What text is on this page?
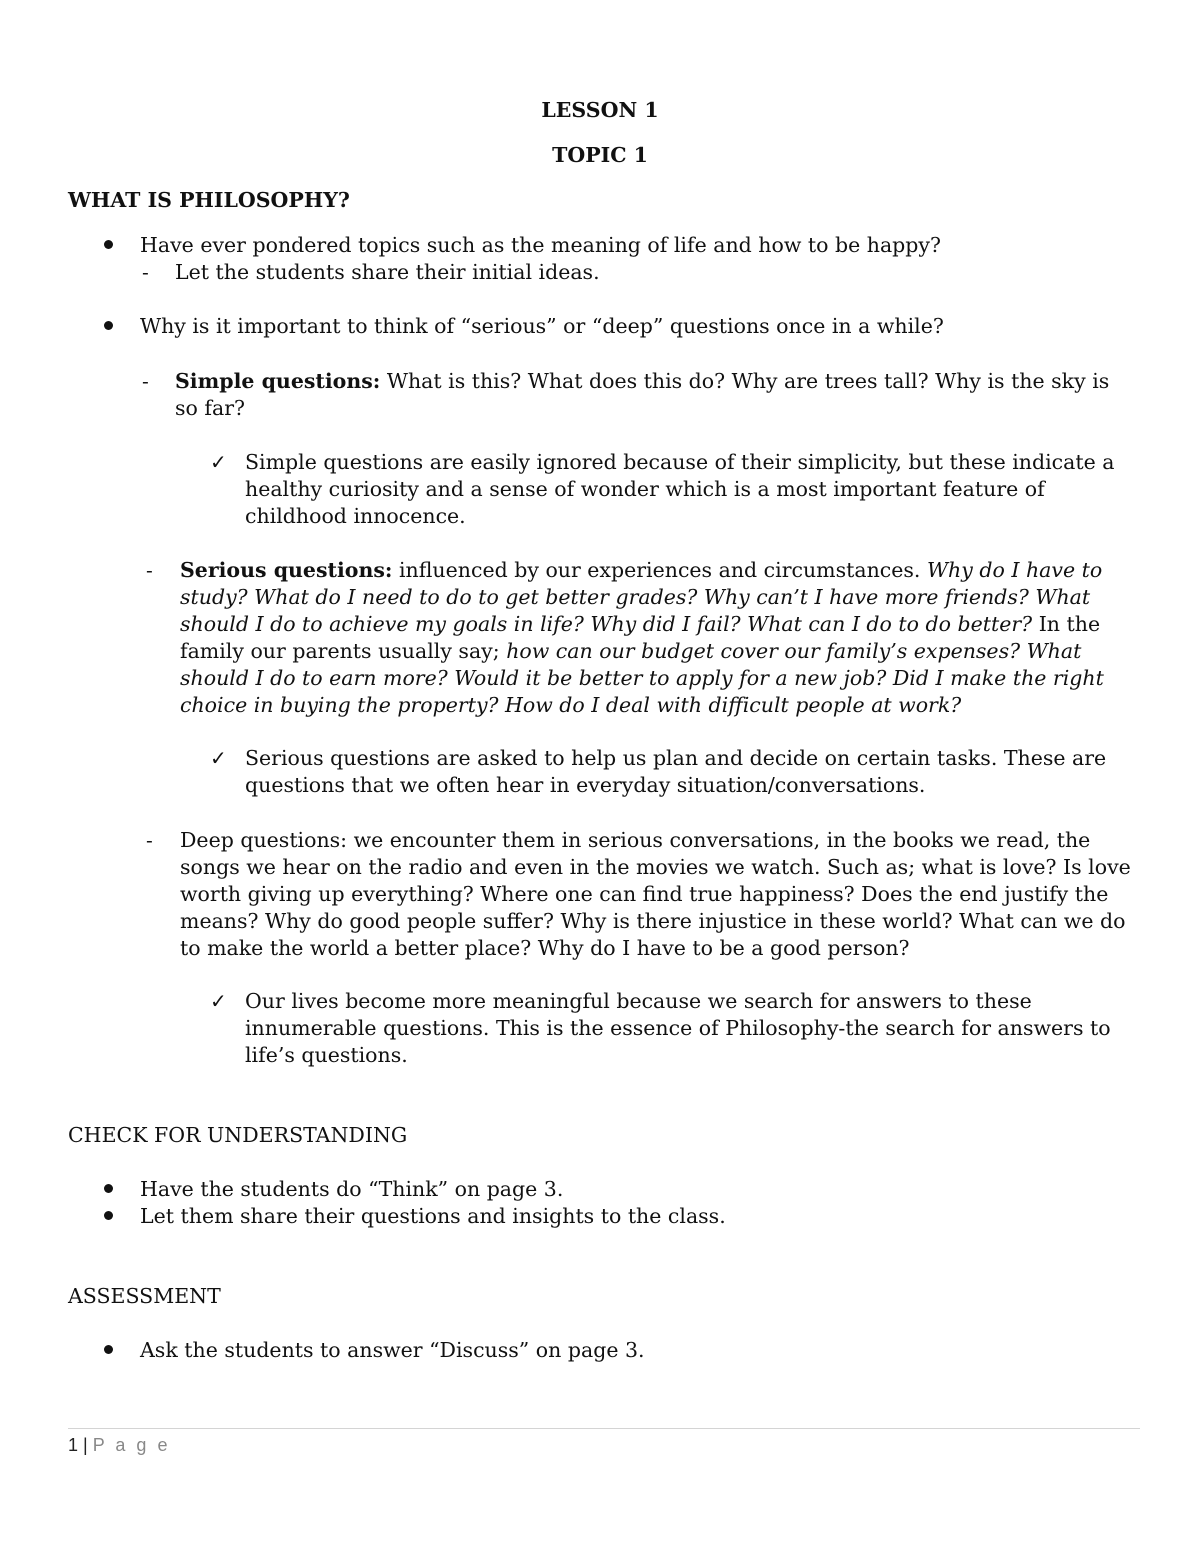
LESSON 1
TOPIC 1
WHAT IS PHILOSOPHY?
Have ever pondered topics such as the meaning of life and how to be happy?
- Let the students share their initial ideas.
Why is it important to think of “serious” or “deep” questions once in a while?
- Simple questions: What is this? What does this do? Why are trees tall? Why is the sky is

so far?

✓ Simple questions are easily ignored because of their simplicity, but these indicate a

healthy curiosity and a sense of wonder which is a most important feature of

childhood innocence.

- Serious questions: influenced by our experiences and circumstances. Why do I have to

study? What do I need to do to get better grades? Why can’t I have more friends? What

should I do to achieve my goals in life? Why did I fail? What can I do to do better? In the

family our parents usually say; how can our budget cover our family’s expenses? What

should I do to earn more? Would it be better to apply for a new job? Did I make the right

choice in buying the property? How do I deal with difficult people at work?

✓ Serious questions are asked to help us plan and decide on certain tasks. These are

questions that we often hear in everyday situation/conversations.

- Deep questions: we encounter them in serious conversations, in the books we read, the

songs we hear on the radio and even in the movies we watch. Such as; what is love? Is love

worth giving up everything? Where one can find true happiness? Does the end justify the

means? Why do good people suffer? Why is there injustice in these world? What can we do

to make the world a better place? Why do I have to be a good person?

✓ Our lives become more meaningful because we search for answers to these

innumerable questions. This is the essence of Philosophy-the search for answers to

life’s questions.

CHECK FOR UNDERSTANDING
Have the students do “Think” on page 3.
Let them share their questions and insights to the class.
ASSESSMENT
Ask the students to answer “Discuss” on page 3.
1 | P a g e
